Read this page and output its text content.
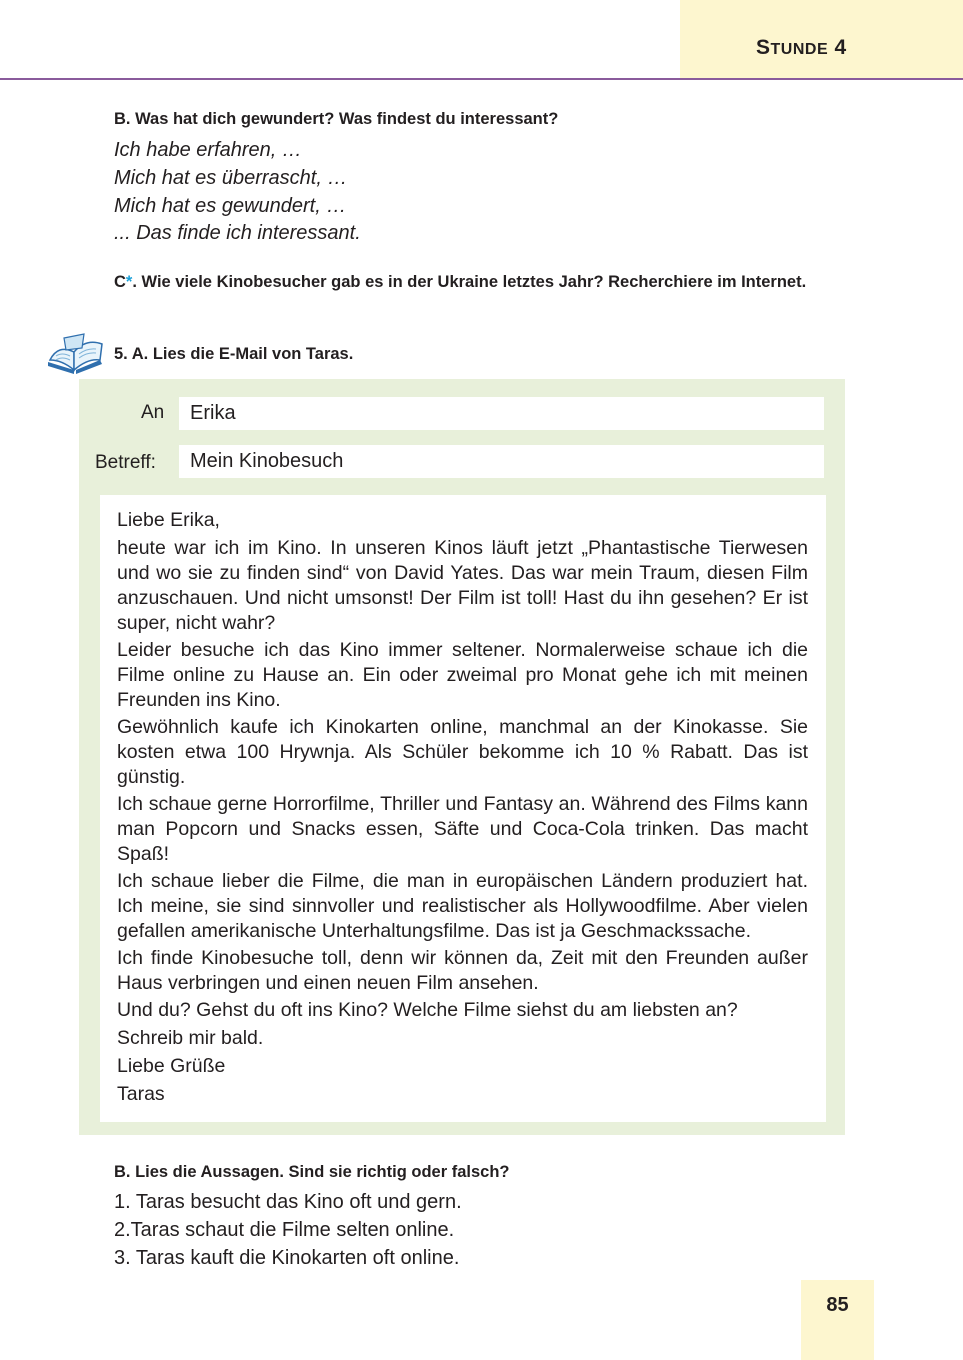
STUNDE 4
B. Was hat dich gewundert? Was findest du interessant?
Ich habe erfahren, …
Mich hat es überrascht, …
Mich hat es gewundert, …
... Das finde ich interessant.
C*. Wie viele Kinobesucher gab es in der Ukraine letztes Jahr? Recherchiere im Internet.
5. A. Lies die E-Mail von Taras.
An	Erika
Betreff:	Mein Kinobesuch

Liebe Erika,

heute war ich im Kino. In unseren Kinos läuft jetzt „Phantastische Tierwesen und wo sie zu finden sind“ von David Yates. Das war mein Traum, diesen Film anzuschauen. Und nicht umsonst! Der Film ist toll! Hast du ihn gesehen? Er ist super, nicht wahr?

Leider besuche ich das Kino immer seltener. Normalerweise schaue ich die Filme online zu Hause an. Ein oder zweimal pro Monat gehe ich mit meinen Freunden ins Kino.

Gewöhnlich kaufe ich Kinokarten online, manchmal an der Kinokasse. Sie kosten etwa 100 Hrywnja. Als Schüler bekomme ich 10 % Rabatt. Das ist günstig.

Ich schaue gerne Horrorfilme, Thriller und Fantasy an. Während des Films kann man Popcorn und Snacks essen, Säfte und Coca-Cola trinken. Das macht Spaß!

Ich schaue lieber die Filme, die man in europäischen Ländern produziert hat. Ich meine, sie sind sinnvoller und realistischer als Hollywoodfilme. Aber vielen gefallen amerikanische Unterhaltungsfilme. Das ist ja Geschmackssache.

Ich finde Kinobesuche toll, denn wir können da, Zeit mit den Freunden außer Haus verbringen und einen neuen Film ansehen.

Und du? Gehst du oft ins Kino? Welche Filme siehst du am liebsten an?

Schreib mir bald.

Liebe Grüße

Taras

B. Lies die Aussagen. Sind sie richtig oder falsch?
1. Taras besucht das Kino oft und gern.
2.Taras schaut die Filme selten online.
3. Taras kauft die Kinokarten oft online.
85
